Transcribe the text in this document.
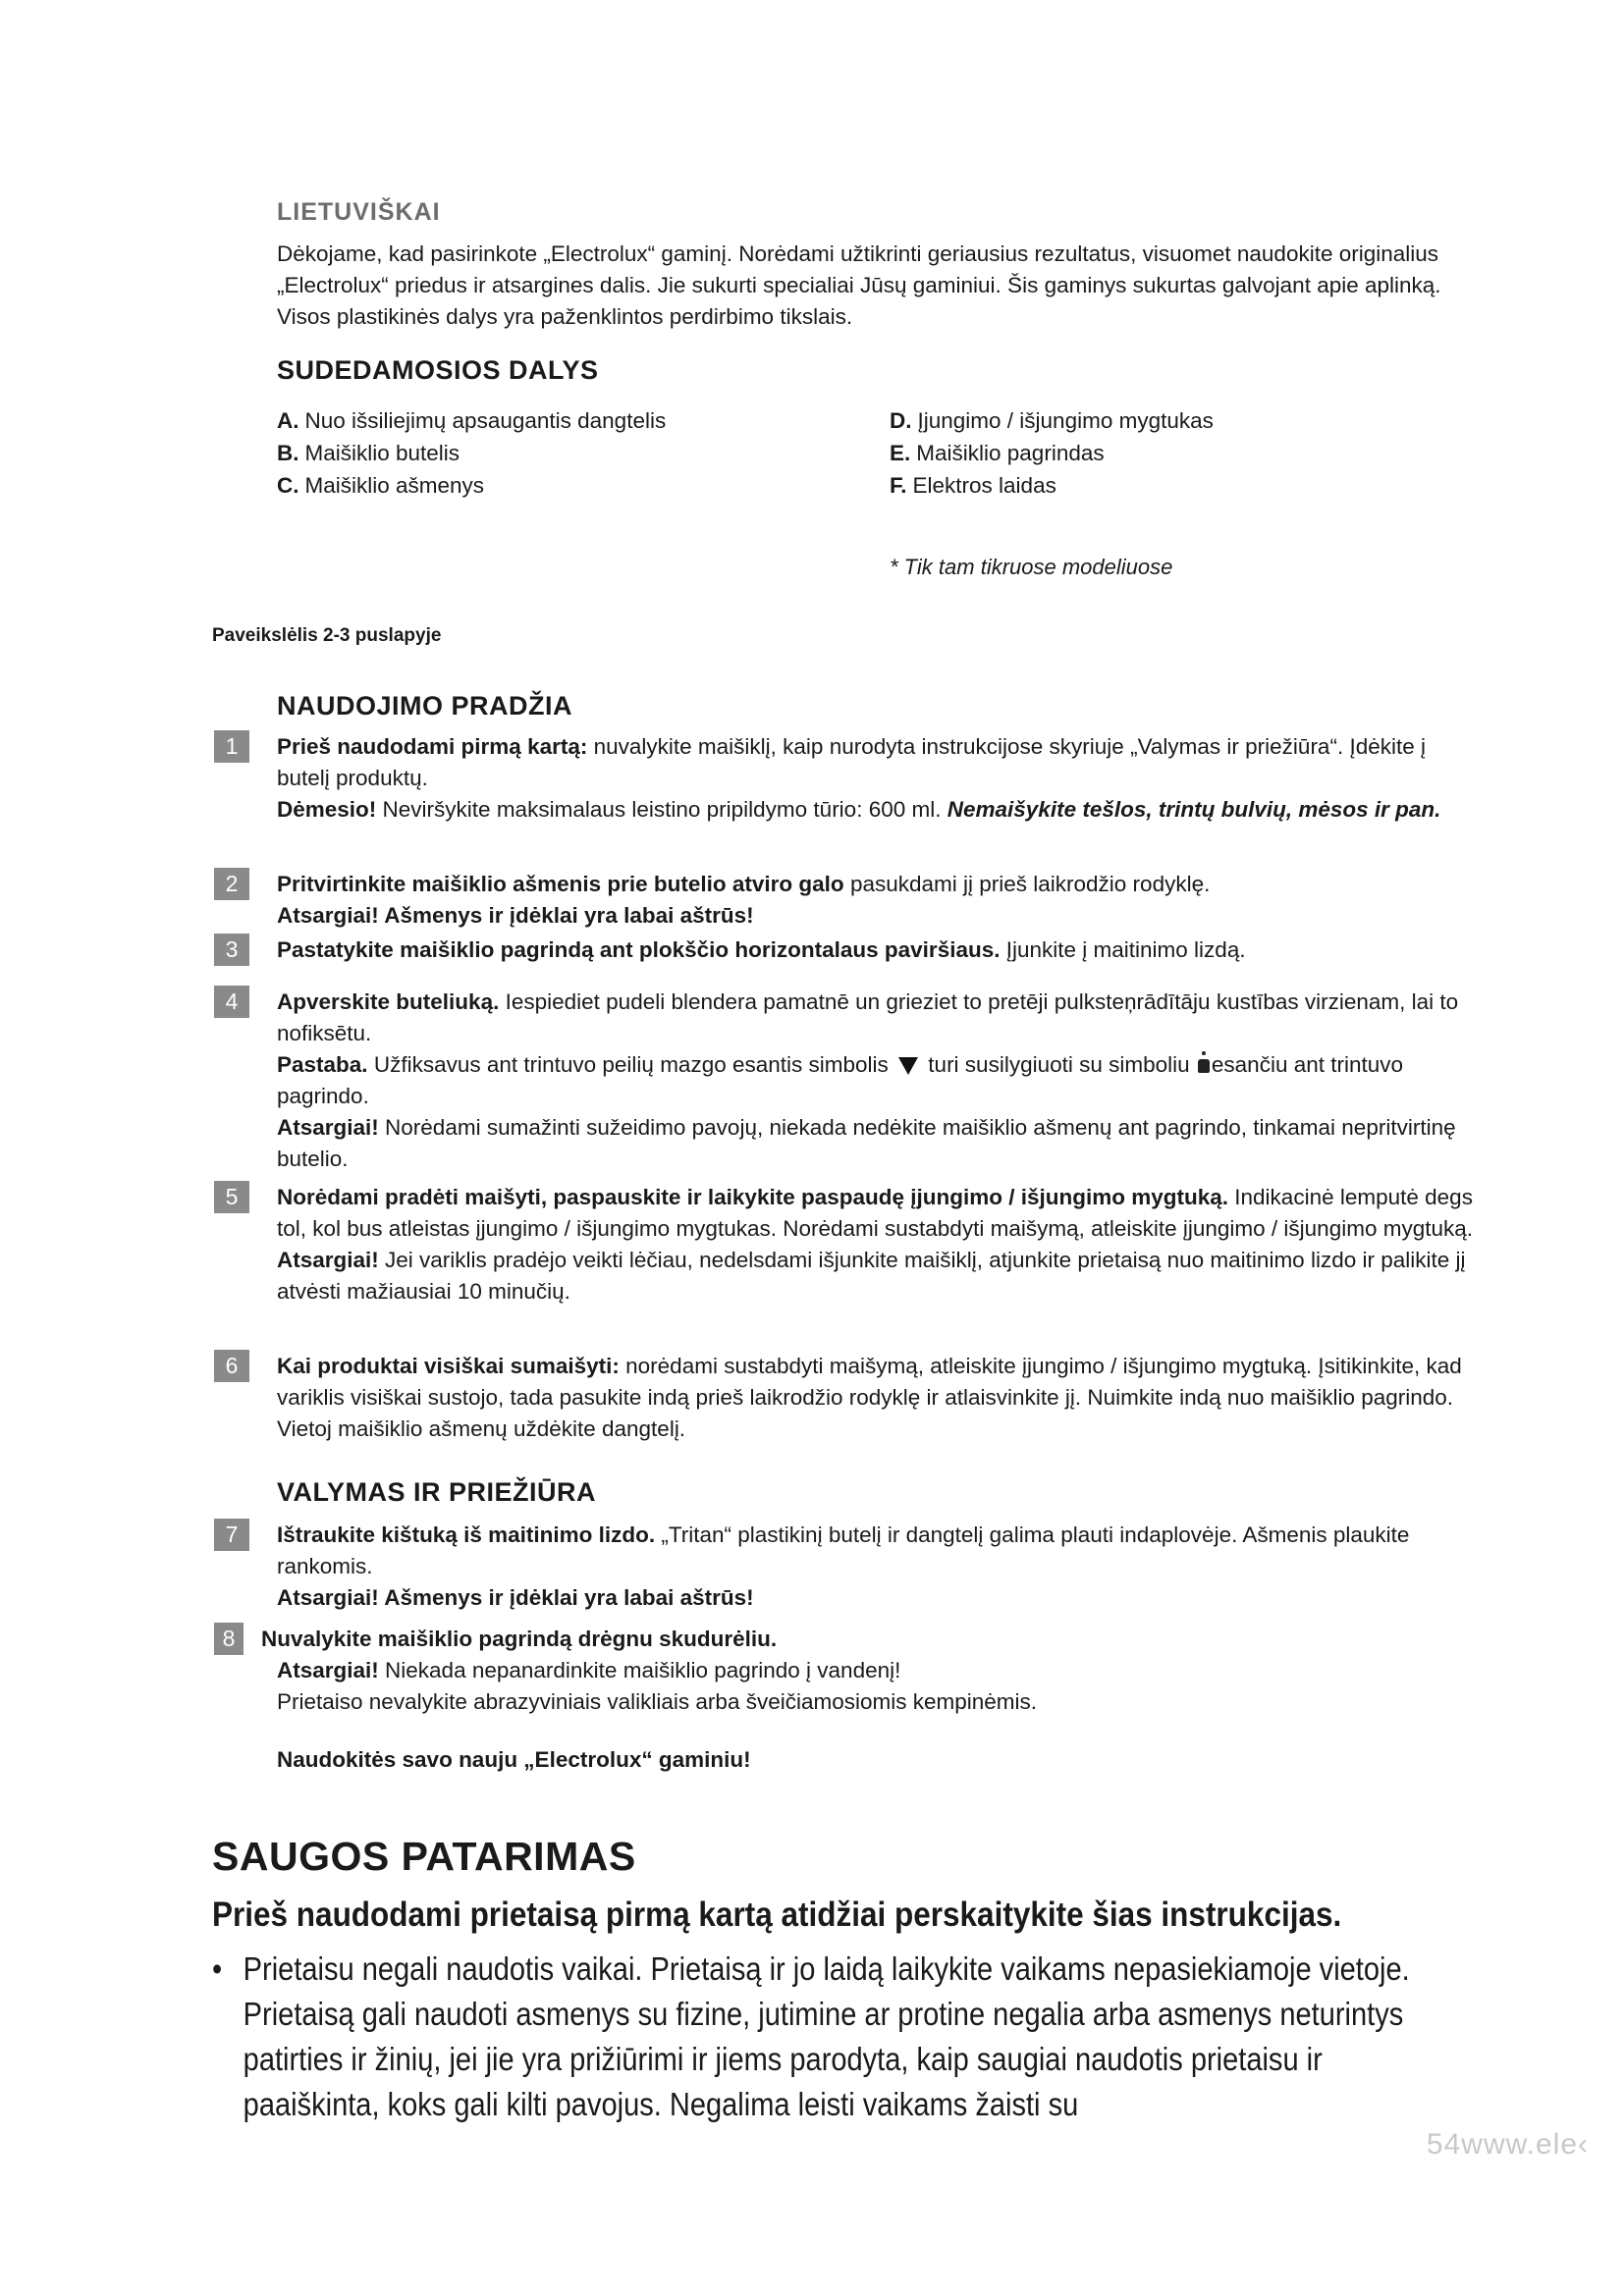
LIETUVIŠKAI
Dėkojame, kad pasirinkote „Electrolux“ gaminį. Norėdami užtikrinti geriausius rezultatus, visuomet naudokite originalius „Electrolux“ priedus ir atsargines dalis. Jie sukurti specialiai Jūsų gaminiui. Šis gaminys sukurtas galvojant apie aplinką. Visos plastikinės dalys yra paženklintos perdirbimo tikslais.
SUDEDAMOSIOS DALYS
A. Nuo išsiliejimų apsaugantis dangtelis
B. Maišiklio butelis
C. Maišiklio ašmenys
D. Įjungimo / išjungimo mygtukas
E. Maišiklio pagrindas
F. Elektros laidas
* Tik tam tikruose modeliuose
Paveikslėlis 2-3 puslapyje
NAUDOJIMO PRADŽIA
1	Prieš naudodami pirmą kartą: nuvalykite maišiklį, kaip nurodyta instrukcijose skyriuje „Valymas ir priežiūra“. Įdėkite į butelį produktų.
Dėmesio! Neviršykite maksimalaus leistino pripildymo tūrio: 600 ml. Nemaišykite tešlos, trintų bulvių, mėsos ir pan.
2	Pritvirtinkite maišiklio ašmenis prie butelio atviro galo pasukdami jį prieš laikrodžio rodyklę.
Atsargiai! Ašmenys ir įdėklai yra labai aštrūs!
3	Pastatykite maišiklio pagrindą ant plokščio horizontalaus paviršiaus. Įjunkite į maitinimo lizdą.
4	Apverskite buteliuką. Iespiediet pudeli blendera pamatnē un grieziet to pretēji pulksteņrādītāju kustības virzienam, lai to nofiksētu.
Pastaba. Užfiksavus ant trintuvo peilių mazgo esantis simbolis  turi susilygiuoti su simboliu esančiu ant trintuvo pagrindo.
Atsargiai! Norėdami sumažinti sužeidimo pavojų, niekada nedėkite maišiklio ašmenų ant pagrindo, tinkamai nepritvirtinę butelio.
5	Norėdami pradėti maišyti, paspauskite ir laikykite paspaudę įjungimo / išjungimo mygtuką. Indikacinė lemputė degs tol, kol bus atleistas įjungimo / išjungimo mygtukas. Norėdami sustabdyti maišymą, atleiskite įjungimo / išjungimo mygtuką.
Atsargiai! Jei variklis pradėjo veikti lėčiau, nedelsdami išjunkite maišiklį, atjunkite prietaisą nuo maitinimo lizdo ir palikite jį atvėsti mažiausiai 10 minučių.
6	Kai produktai visiškai sumaišyti: norėdami sustabdyti maišymą, atleiskite įjungimo / išjungimo mygtuką. Įsitikinkite, kad variklis visiškai sustojo, tada pasukite indą prieš laikrodžio rodyklę ir atlaisvinkite jį. Nuimkite indą nuo maišiklio pagrindo. Vietoj maišiklio ašmenų uždėkite dangtelį.
VALYMAS IR PRIEŽIŪRA
7	Ištraukite kištuką iš maitinimo lizdo. „Tritan“ plastikinį butelį ir dangtelį galima plauti indaplovėje. Ašmenis plaukite rankomis.
Atsargiai! Ašmenys ir įdėklai yra labai aštrūs!
8	Nuvalykite maišiklio pagrindą drėgnu skudurėliu.
Atsargiai! Niekada nepanardinkite maišiklio pagrindo į vandenį!
Prietaiso nevalykite abrazyviniais valikliais arba šveičiamosiomis kempinėmis.
Naudokitės savo nauju „Electrolux“ gaminiu!
SAUGOS PATARIMAS
Prieš naudodami prietaisą pirmą kartą atidžiai perskaitykite šias instrukcijas.
• Prietaisu negali naudotis vaikai. Prietaisą ir jo laidą laikykite vaikams nepasiekiamoje vietoje. Prietaisą gali naudoti asmenys su fizine, jutimine ar protine negalia arba asmenys neturintys patirties ir žinių, jei jie yra prižiūrimi ir jiems parodyta, kaip saugiai naudotis prietaisu ir paaiškinta, koks gali kilti pavojus. Negalima leisti vaikams žaisti su
54www.ele‹
